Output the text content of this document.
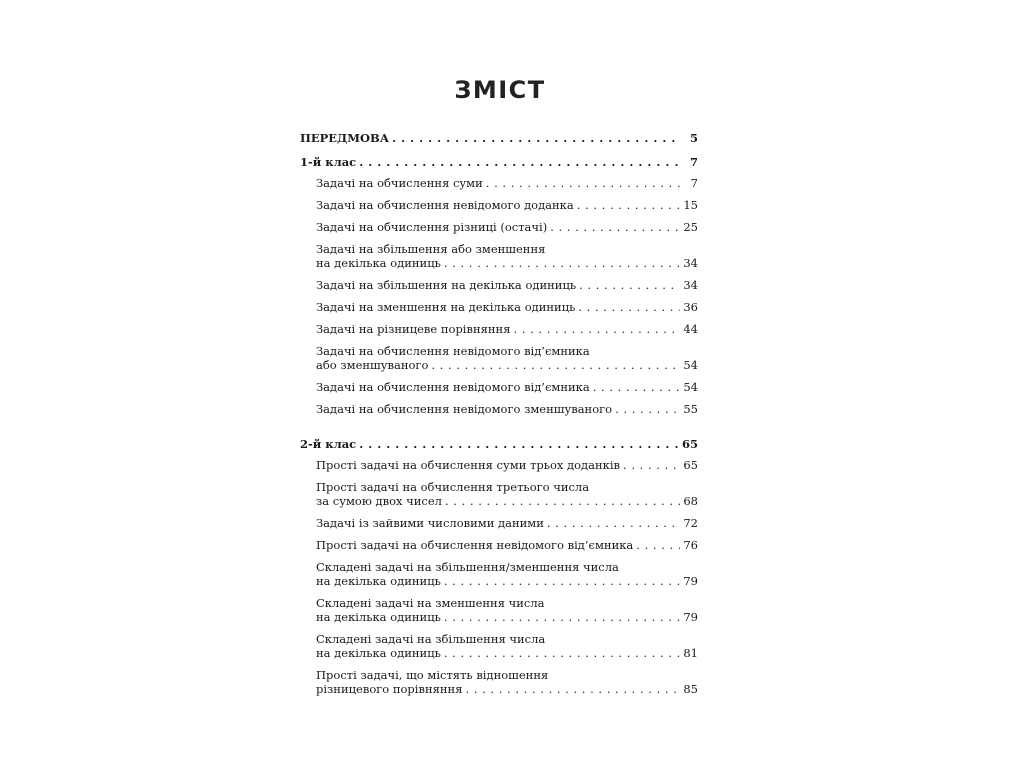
ЗМІСТ
ПЕРЕДМОВА . . .	5
1-й клас . . .	7
Задачі на обчислення суми . . .	7
Задачі на обчислення невідомого доданка . . .	15
Задачі на обчислення різниці (остачі) . . .	25
Задачі на збільшення або зменшення
на декілька одиниць . . .	34
Задачі на збільшення на декілька одиниць . . .	34
Задачі на зменшення на декілька одиниць . . .	36
Задачі на різницеве порівняння . . .	44
Задачі на обчислення невідомого від’ємника
або зменшуваного . . .	54
Задачі на обчислення невідомого від’ємника . . .	54
Задачі на обчислення невідомого зменшуваного . . .	55
2-й клас . . .	65
Прості задачі на обчислення суми трьох доданків . . .	65
Прості задачі на обчислення третього числа
за сумою двох чисел . . .	68
Задачі із зайвими числовими даними . . .	72
Прості задачі на обчислення невідомого від’ємника . . .	76
Складені задачі на збільшення/зменшення числа
на декілька одиниць . . .	79
Складені задачі на зменшення числа
на декілька одиниць . . .	79
Складені задачі на збільшення числа
на декілька одиниць . . .	81
Прості задачі, що містять відношення
різницевого порівняння . . .	85
